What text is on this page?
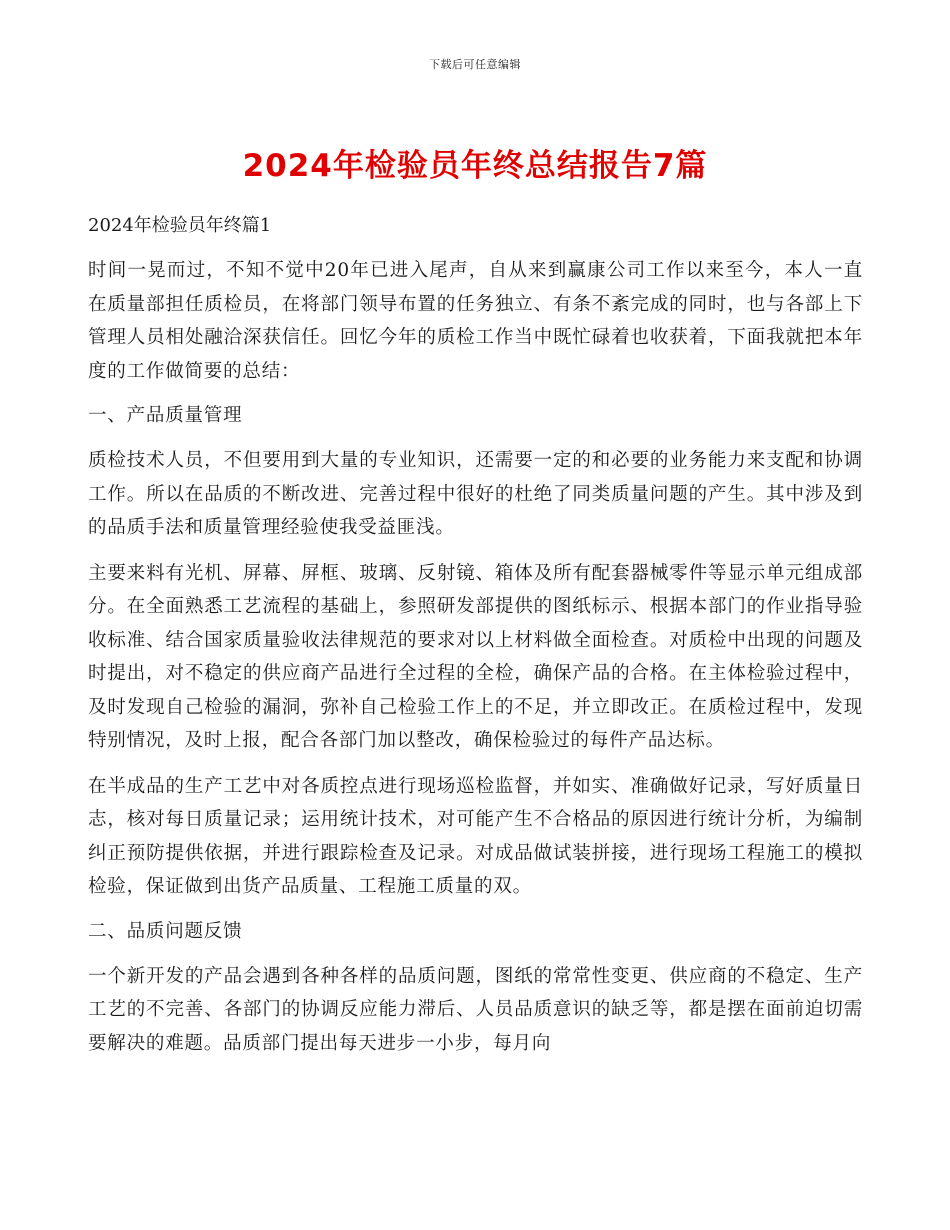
下载后可任意编辑
2024年检验员年终总结报告7篇

2024年检验员年终篇1

时间一晃而过，不知不觉中20年已进入尾声，自从来到赢康公司工作以来至今，本人一直在质量部担任质检员，在将部门领导布置的任务独立、有条不紊完成的同时，也与各部上下管理人员相处融洽深获信任。回忆今年的质检工作当中既忙碌着也收获着，下面我就把本年度的工作做简要的总结：

一、产品质量管理

质检技术人员，不但要用到大量的专业知识，还需要一定的和必要的业务能力来支配和协调工作。所以在品质的不断改进、完善过程中很好的杜绝了同类质量问题的产生。其中涉及到的品质手法和质量管理经验使我受益匪浅。

主要来料有光机、屏幕、屏框、玻璃、反射镜、箱体及所有配套器械零件等显示单元组成部分。在全面熟悉工艺流程的基础上，参照研发部提供的图纸标示、根据本部门的作业指导验收标准、结合国家质量验收法律规范的要求对以上材料做全面检查。对质检中出现的问题及时提出，对不稳定的供应商产品进行全过程的全检，确保产品的合格。在主体检验过程中，及时发现自己检验的漏洞，弥补自己检验工作上的不足，并立即改正。在质检过程中，发现特别情况，及时上报，配合各部门加以整改，确保检验过的每件产品达标。

在半成品的生产工艺中对各质控点进行现场巡检监督，并如实、准确做好记录，写好质量日志，核对每日质量记录；运用统计技术，对可能产生不合格品的原因进行统计分析，为编制纠正预防提供依据，并进行跟踪检查及记录。对成品做试装拼接，进行现场工程施工的模拟检验，保证做到出货产品质量、工程施工质量的双。

二、品质问题反馈

一个新开发的产品会遇到各种各样的品质问题，图纸的常常性变更、供应商的不稳定、生产工艺的不完善、各部门的协调反应能力滞后、人员品质意识的缺乏等，都是摆在面前迫切需要解决的难题。品质部门提出每天进步一小步，每月向
